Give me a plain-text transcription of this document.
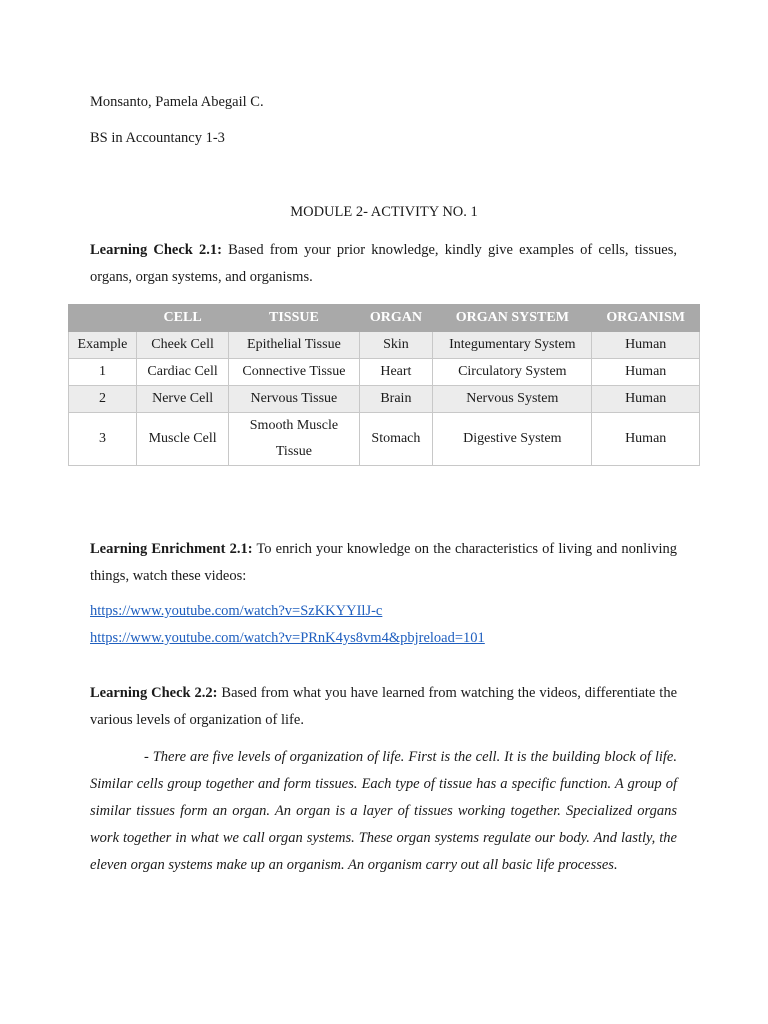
Monsanto, Pamela Abegail C.
BS in Accountancy 1-3
MODULE 2- ACTIVITY NO. 1
Learning Check 2.1: Based from your prior knowledge, kindly give examples of cells, tissues, organs, organ systems, and organisms.
	CELL	TISSUE	ORGAN	ORGAN SYSTEM	ORGANISM
Example	Cheek Cell	Epithelial Tissue	Skin	Integumentary System	Human
1	Cardiac Cell	Connective Tissue	Heart	Circulatory System	Human
2	Nerve Cell	Nervous Tissue	Brain	Nervous System	Human
3	Muscle Cell	Smooth Muscle Tissue	Stomach	Digestive System	Human
Learning Enrichment 2.1: To enrich your knowledge on the characteristics of living and nonliving things, watch these videos:
https://www.youtube.com/watch?v=SzKKYYIlJ-c
https://www.youtube.com/watch?v=PRnK4ys8vm4&pbjreload=101
Learning Check 2.2: Based from what you have learned from watching the videos, differentiate the various levels of organization of life.
- There are five levels of organization of life. First is the cell. It is the building block of life. Similar cells group together and form tissues. Each type of tissue has a specific function. A group of similar tissues form an organ. An organ is a layer of tissues working together. Specialized organs work together in what we call organ systems. These organ systems regulate our body. And lastly, the eleven organ systems make up an organism. An organism carry out all basic life processes.
